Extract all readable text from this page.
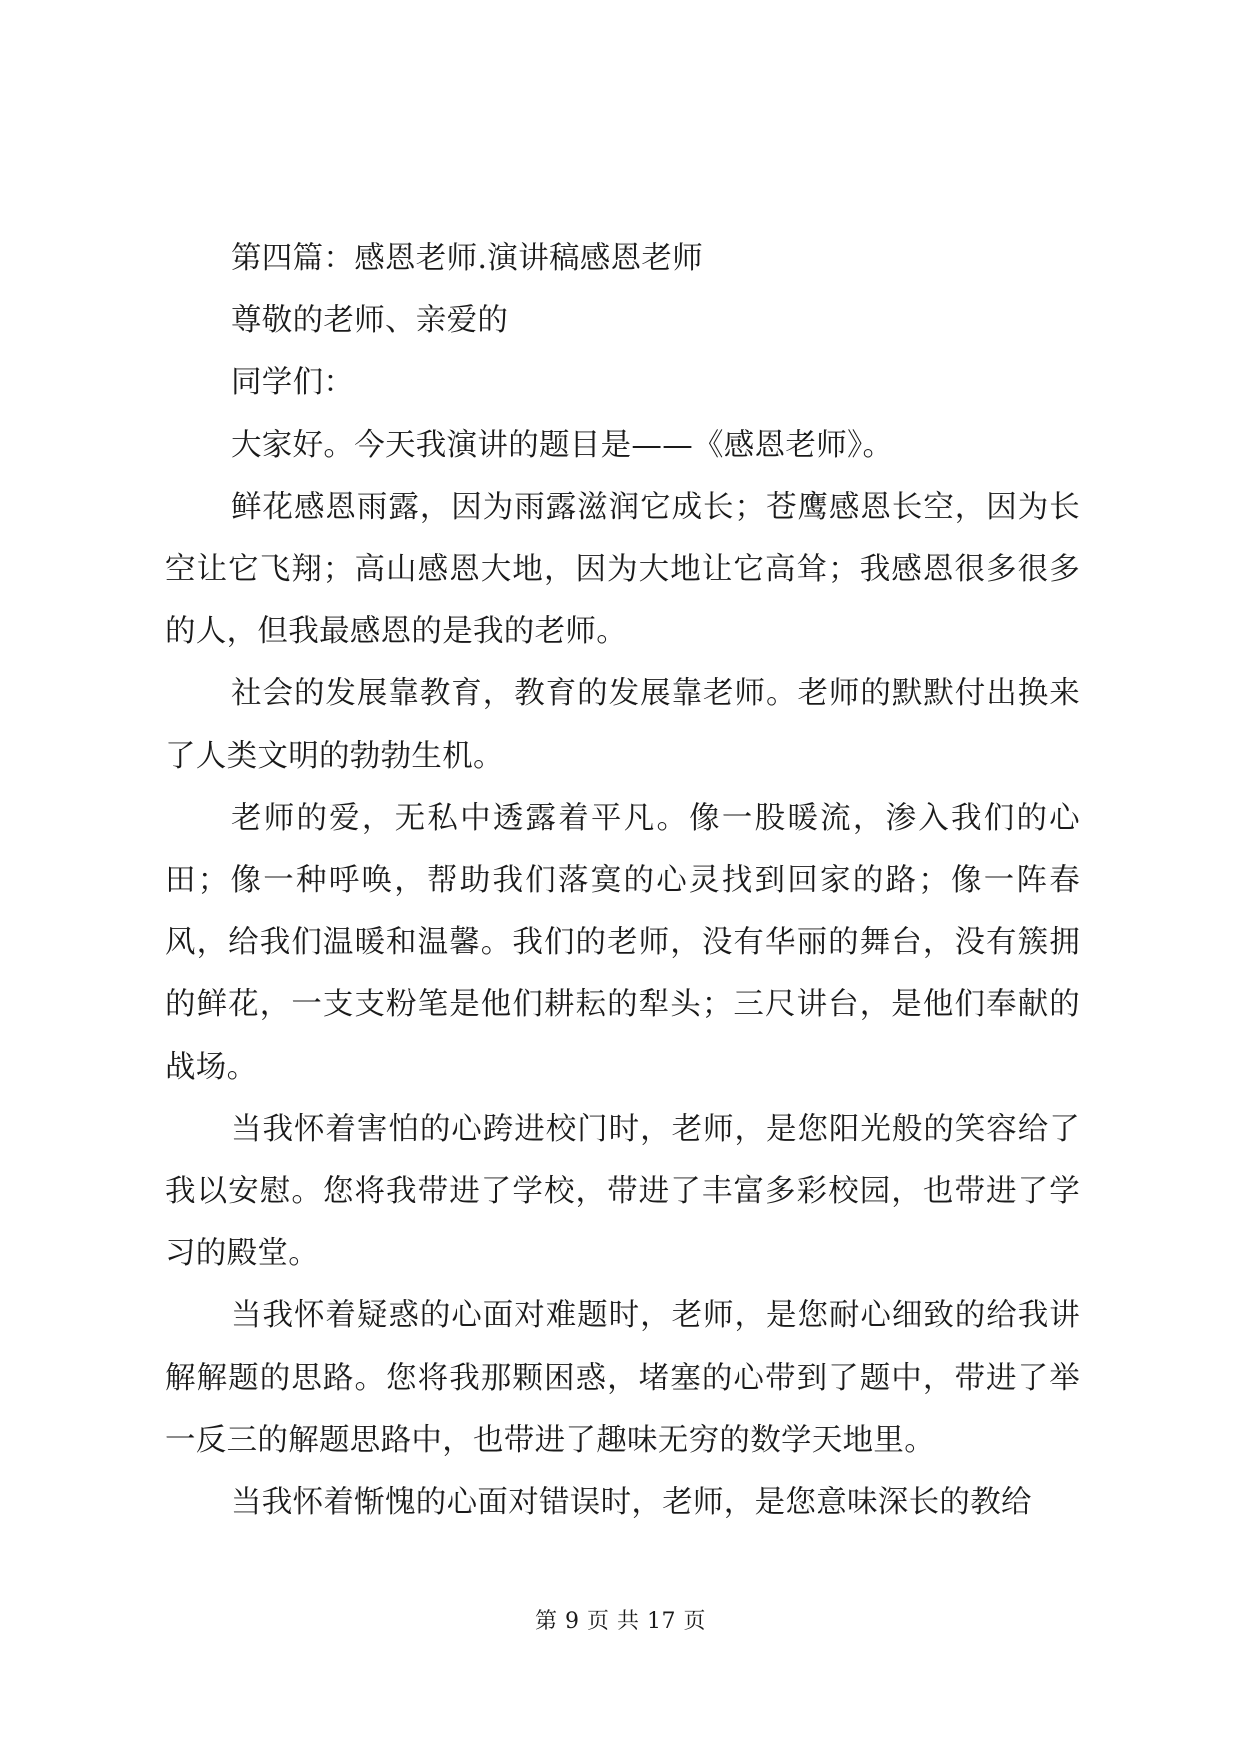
第四篇：感恩老师.演讲稿感恩老师
尊敬的老师、亲爱的
同学们：
大家好。今天我演讲的题目是——《感恩老师》。
鲜花感恩雨露，因为雨露滋润它成长；苍鹰感恩长空，因为长空让它飞翔；高山感恩大地，因为大地让它高耸；我感恩很多很多的人，但我最感恩的是我的老师。
社会的发展靠教育，教育的发展靠老师。老师的默默付出换来了人类文明的勃勃生机。
老师的爱，无私中透露着平凡。像一股暖流，渗入我们的心田；像一种呼唤，帮助我们落寞的心灵找到回家的路；像一阵春风，给我们温暖和温馨。我们的老师，没有华丽的舞台，没有簇拥的鲜花，一支支粉笔是他们耕耘的犁头；三尺讲台，是他们奉献的战场。
当我怀着害怕的心跨进校门时，老师，是您阳光般的笑容给了我以安慰。您将我带进了学校，带进了丰富多彩校园，也带进了学习的殿堂。
当我怀着疑惑的心面对难题时，老师，是您耐心细致的给我讲解解题的思路。您将我那颗困惑，堵塞的心带到了题中，带进了举一反三的解题思路中，也带进了趣味无穷的数学天地里。
当我怀着惭愧的心面对错误时，老师，是您意味深长的教给
第 9 页 共 17 页
